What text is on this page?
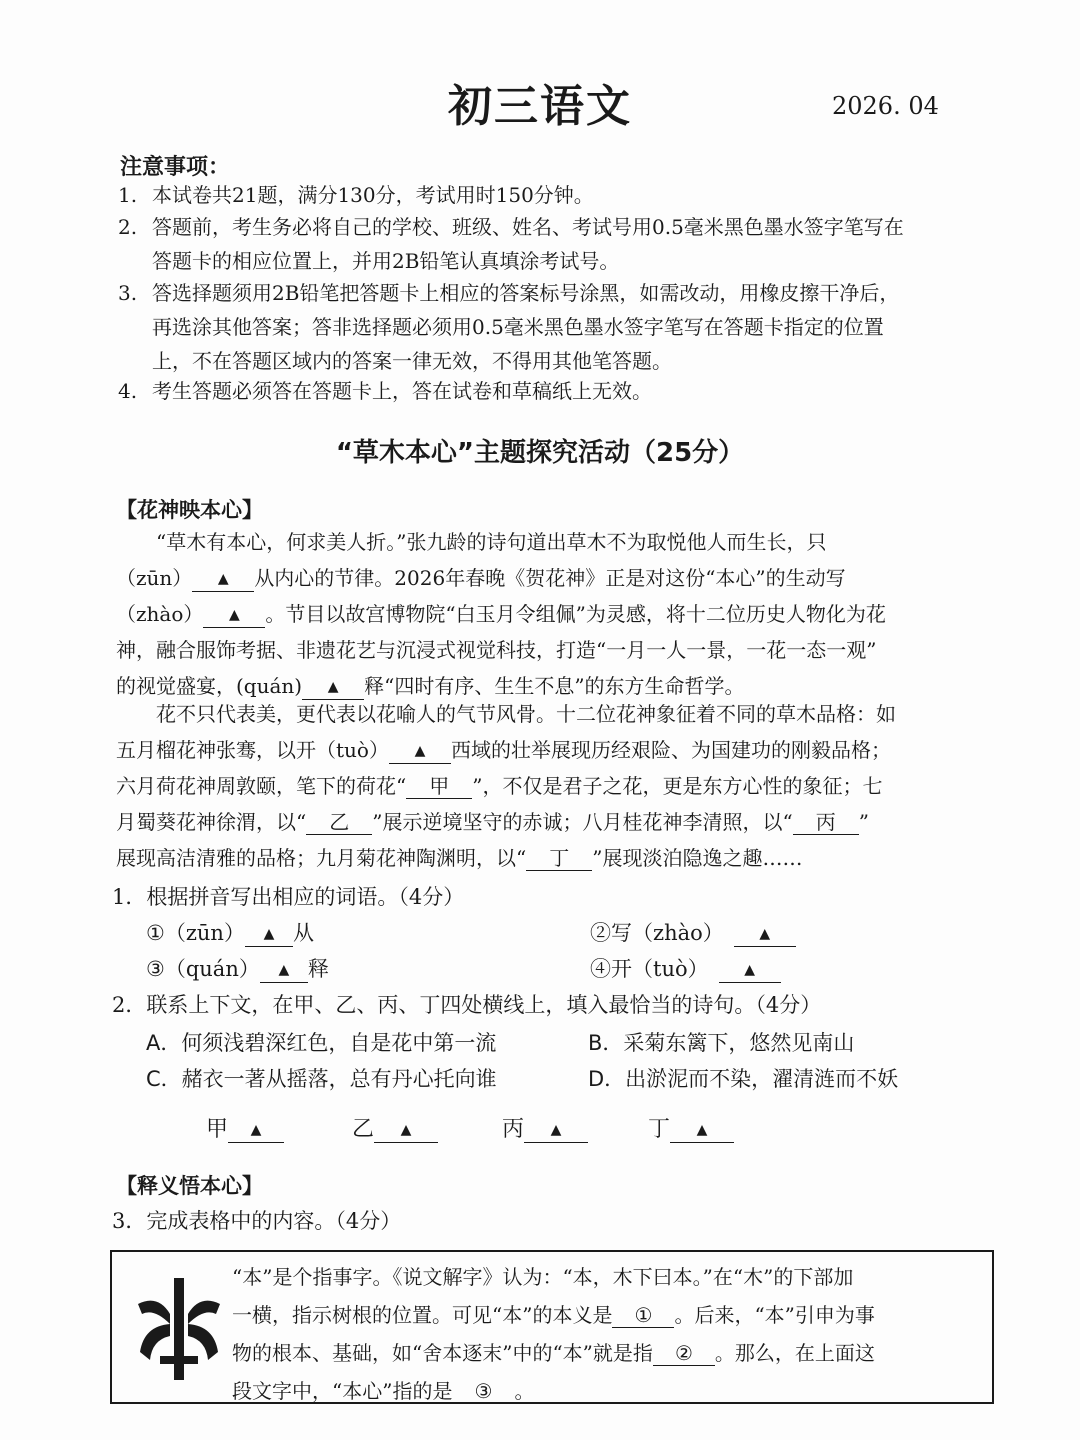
初三语文	2026. 04
注意事项：
1. 本试卷共21题，满分130分，考试用时150分钟。
2. 答题前，考生务必将自己的学校、班级、姓名、考试号用0.5毫米黑色墨水签字笔写在
答题卡的相应位置上，并用2B铅笔认真填涂考试号。
3. 答选择题须用2B铅笔把答题卡上相应的答案标号涂黑，如需改动，用橡皮擦干净后，
再选涂其他答案；答非选择题必须用0.5毫米黑色墨水签字笔写在答题卡指定的位置
上，不在答题区域内的答案一律无效，不得用其他笔答题。
4. 考生答题必须答在答题卡上，答在试卷和草稿纸上无效。
“草木本心”主题探究活动（25分）
【花神映本心】
“草木有本心，何求美人折。”张九龄的诗句道出草木不为取悦他人而生长，只
（zūn） ▲ 从内心的节律。2026年春晚《贺花神》正是对这份“本心”的生动写
（zhào） ▲ 。节目以故宫博物院“白玉月令组佩”为灵感，将十二位历史人物化为花
神，融合服饰考据、非遗花艺与沉浸式视觉科技，打造“一月一人一景，一花一态一观”
的视觉盛宴，(quán) ▲ 释“四时有序、生生不息”的东方生命哲学。
花不只代表美，更代表以花喻人的气节风骨。十二位花神象征着不同的草木品格：如
五月榴花神张骞，以开（tuò） ▲ 西域的壮举展现历经艰险、为国建功的刚毅品格；
六月荷花神周敦颐，笔下的荷花“ 甲 ”，不仅是君子之花，更是东方心性的象征；七
月蜀葵花神徐渭，以“ 乙 ”展示逆境坚守的赤诚；八月桂花神李清照，以“ 丙 ”
展现高洁清雅的品格；九月菊花神陶渊明，以“ 丁 ”展现淡泊隐逸之趣……
1．根据拼音写出相应的词语。（4分）
①（zūn） ▲ 从	②写（zhào）	▲
③（quán） ▲ 释	④开（tuò）	▲
2．联系上下文，在甲、乙、丙、丁四处横线上，填入最恰当的诗句。（4分）
A．何须浅碧深红色，自是花中第一流	B．采菊东篱下，悠然见南山
C．赭衣一著从摇落，总有丹心托向谁	D．出淤泥而不染，濯清涟而不妖
甲 ▲	乙 ▲	丙 ▲	丁 ▲
【释义悟本心】
3．完成表格中的内容。（4分）
“本”是个指事字。《说文解字》认为：“本，木下曰本。”在“木”的下部加
一横，指示树根的位置。可见“本”的本义是 ① 。后来，“本”引申为事
物的根本、基础，如“舍本逐末”中的“本”就是指 ② 。那么，在上面这
段文字中，“本心”指的是 ③ 。
